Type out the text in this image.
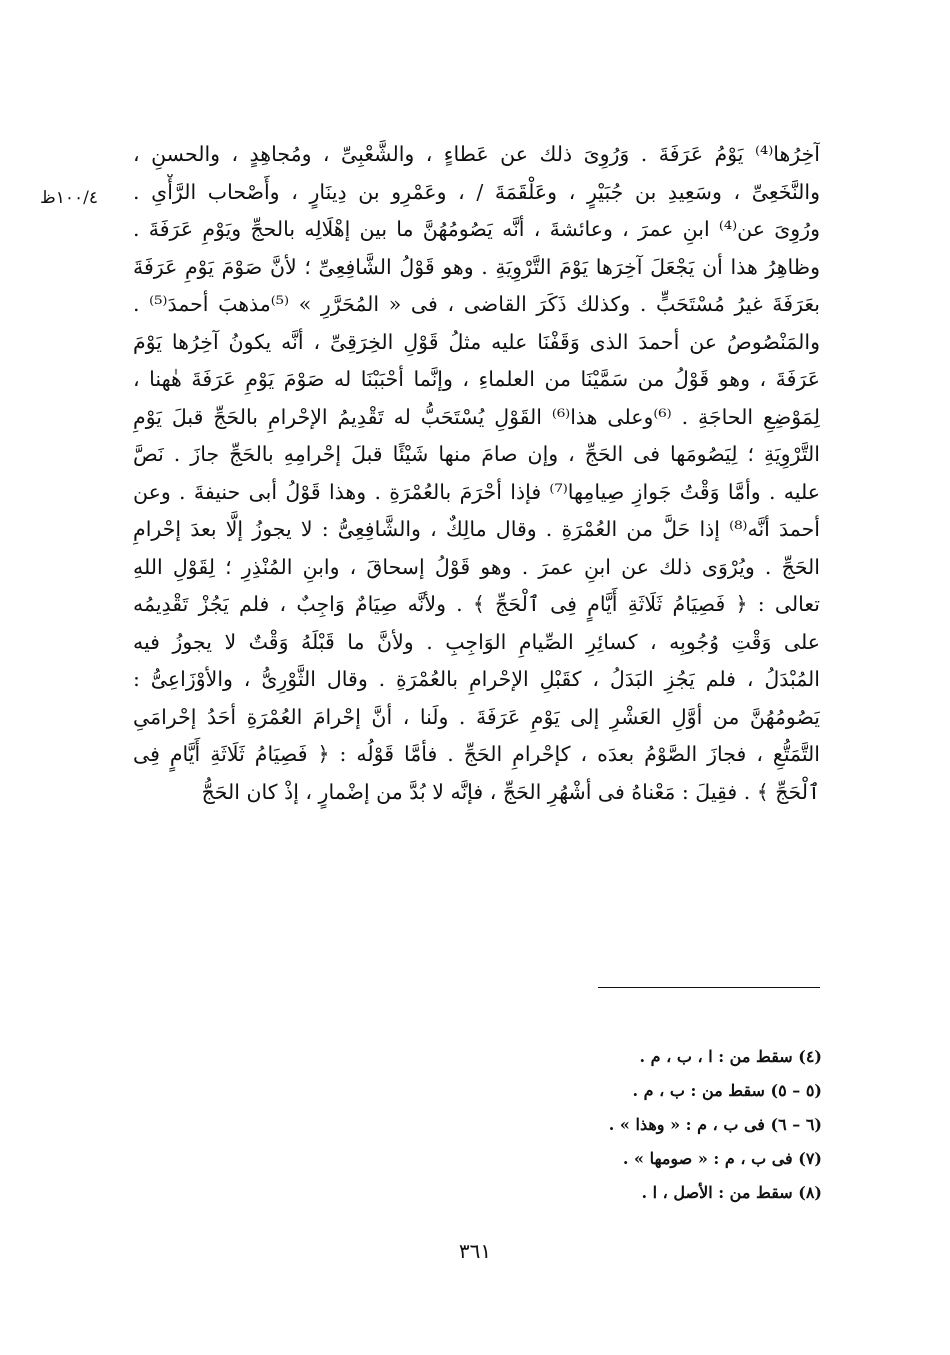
١٠٠/٤ظ
آخِرُها⁽⁴⁾ يَوْمُ عَرَفَةَ . وَرُوِىَ ذلك عن عَطاءٍ ، والشَّعْبِىِّ ، ومُجاهِدٍ ، والحسنِ ،
والنَّخَعِىِّ ، وسَعِيدِ بن جُبَيْرٍ ، وعَلْقَمَةَ / ، وعَمْرِو بن دِينَارٍ ، وأَصْحاب الرَّأْىِ .
ورُوِىَ عن⁽⁴⁾ ابنِ عمرَ ، وعائشةَ ، أنَّه يَصُومُهُنَّ ما بين إهْلَالِه بالحجِّ ويَوْمِ عَرَفَةَ .
وظاهِرُ هذا أن يَجْعَلَ آخِرَها يَوْمَ التَّرْوِيَةِ . وهو قَوْلُ الشَّافِعِىِّ ؛ لأنَّ صَوْمَ يَوْمِ عَرَفَةَ
بعَرَفَةَ غيرُ مُسْتَحَبٍّ . وكذلك ذَكَرَ القاضى ، فى « المُحَرَّرِ » ⁽⁵⁾مذهبَ أحمدَ⁽⁵⁾ .
والمَنْصُوصُ عن أحمدَ الذى وَقَفْنَا عليه مثلُ قَوْلِ الخِرَقِىِّ ، أنَّه يكونُ آخِرُها يَوْمَ
عَرَفَةَ ، وهو قَوْلُ من سَمَّيْنَا من العلماءِ ، وإنَّما أحْبَبْنَا له صَوْمَ يَوْمِ عَرَفَةَ هٰهنا ،
لِمَوْضِعِ الحاجَةِ . ⁽⁶⁾وعلى هذا⁽⁶⁾ القَوْلِ يُسْتَحَبُّ له تَقْدِيمُ الإحْرامِ بالحَجِّ قبلَ يَوْمِ
التَّرْوِيَةِ ؛ لِيَصُومَها فى الحَجِّ ، وإن صامَ منها شَيْئًا قبلَ إحْرامِهِ بالحَجِّ جازَ . نَصَّ
عليه . وأمَّا وَقْتُ جَوازِ صِيامِها⁽⁷⁾ فإذا أحْرَمَ بالعُمْرَةِ . وهذا قَوْلُ أبى حنيفةَ . وعن
أحمدَ أنَّه⁽⁸⁾ إذا حَلَّ من العُمْرَةِ . وقال مالِكٌ ، والشَّافِعِىُّ : لا يجوزُ إلَّا بعدَ إحْرامِ
الحَجِّ . ويُرْوَى ذلك عن ابنِ عمرَ . وهو قَوْلُ إسحاقَ ، وابنِ المُنْذِرِ ؛ لِقَوْلِ اللهِ
تعالى : ﴿ فَصِيَامُ ثَلَاثَةِ أَيَّامٍ فِى ٱلْحَجِّ ﴾ . ولأنَّه صِيَامٌ وَاجِبٌ ، فلم يَجُزْ تَقْدِيمُه
على وَقْتِ وُجُوبِه ، كسائِرِ الصِّيامِ الوَاجِبِ . ولأنَّ ما قَبْلَهُ وَقْتٌ لا يجوزُ فيه
المُبْدَلُ ، فلم يَجُزِ البَدَلُ ، كقَبْلِ الإحْرامِ بالعُمْرَةِ . وقال الثَّوْرِىُّ ، والأوْزَاعِىُّ :
يَصُومُهُنَّ من أوَّلِ العَشْرِ إلى يَوْمِ عَرَفَةَ . ولَنا ، أنَّ إحْرامَ العُمْرَةِ أحَدُ إحْرامَىِ
التَّمَتُّعِ ، فجازَ الصَّوْمُ بعدَه ، كإحْرامِ الحَجِّ . فأمَّا قَوْلُه : ﴿ فَصِيَامُ ثَلَاثَةِ أَيَّامٍ فِى
ٱلْحَجِّ ﴾ . فقِيلَ : مَعْناهُ فى أشْهُرِ الحَجِّ ، فإنَّه لا بُدَّ من إضْمارٍ ، إذْ كان الحَجُّ
(٤) سقط من : ا ، ب ، م .
(٥ – ٥) سقط من : ب ، م .
(٦ – ٦) فى ب ، م : « وهذا » .
(٧) فى ب ، م : « صومها » .
(٨) سقط من : الأصل ، ا .
٣٦١
